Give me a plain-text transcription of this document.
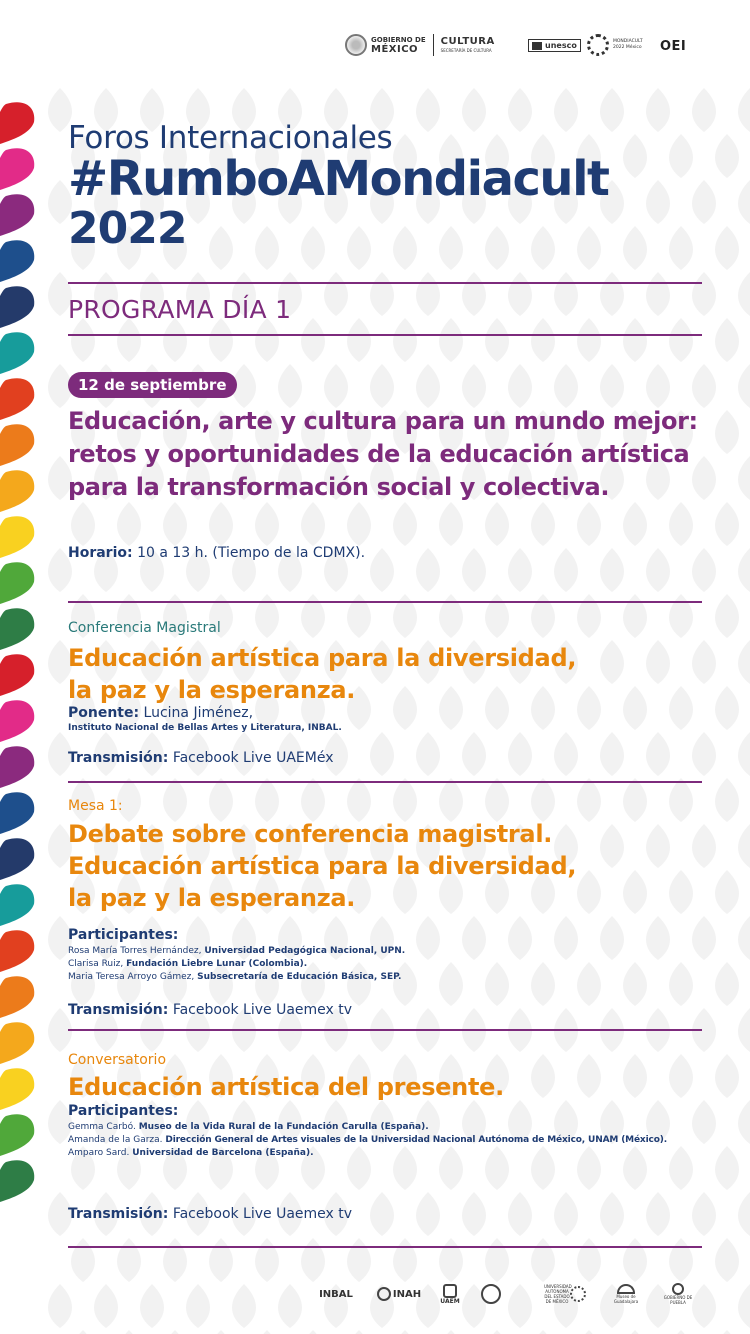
GOBIERNO DE
MÉXICO
CULTURA
SECRETARÍA DE CULTURA
unesco	MONDIACULT 2022 México	OEI
Foros Internacionales
#RumboAMondiacult
2022
PROGRAMA DÍA 1
12 de septiembre
Educación, arte y cultura para un mundo mejor: retos y oportunidades de la educación artística para la transformación social y colectiva.
Horario: 10 a 13 h. (Tiempo de la CDMX).
Conferencia Magistral
Educación artística para la diversidad,
la paz y la esperanza.
Ponente: Lucina Jiménez,
Instituto Nacional de Bellas Artes y Literatura, INBAL.
Transmisión: Facebook Live UAEMéx
Mesa 1:
Debate sobre conferencia magistral.
Educación artística para la diversidad,
la paz y la esperanza.
Participantes:
Rosa María Torres Hernández, Universidad Pedagógica Nacional, UPN.
Clarisa Ruiz, Fundación Liebre Lunar (Colombia).
Maria Teresa Arroyo Gámez, Subsecretaría de Educación Básica, SEP.
Transmisión: Facebook Live Uaemex tv
Conversatorio
Educación artística del presente.
Participantes:
Gemma Carbó. Museo de la Vida Rural de la Fundación Carulla (España).
Amanda de la Garza. Dirección General de Artes visuales de la Universidad Nacional Autónoma de México, UNAM (México).
Amparo Sard. Universidad de Barcelona (España).
Transmisión: Facebook Live Uaemex tv
INBAL	INAH
UAEM
UNIVERSIDAD AUTÓNOMA DEL ESTADO DE MÉXICO
Museo de Guadalajara
GOBIERNO DE PUEBLA
